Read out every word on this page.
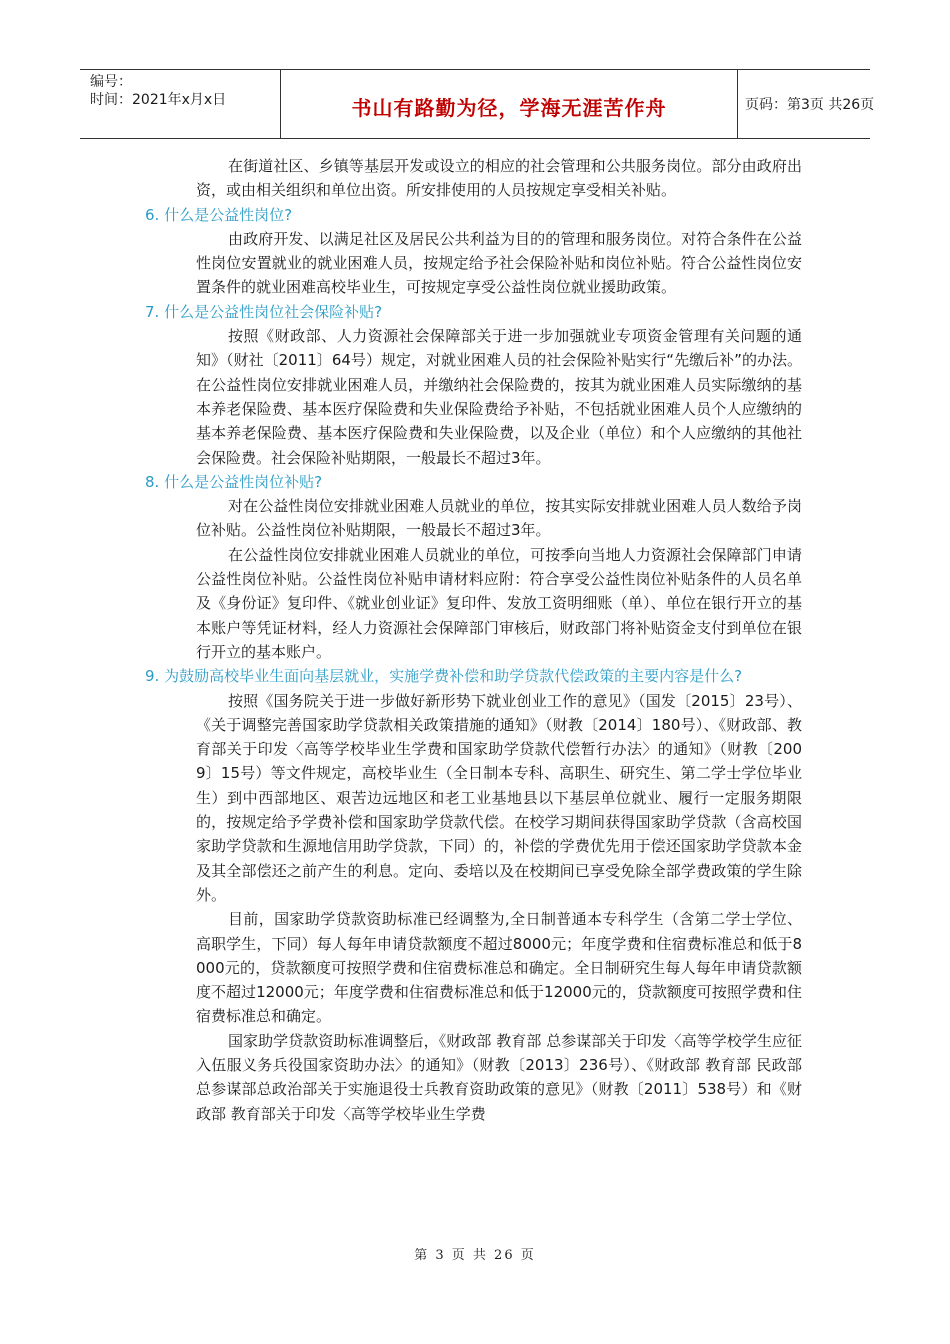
编号：
时间：2021年x月x日	书山有路勤为径，学海无涯苦作舟	页码：第3页 共26页

在街道社区、乡镇等基层开发或设立的相应的社会管理和公共服务岗位。部分由政府出资，或由相关组织和单位出资。所安排使用的人员按规定享受相关补贴。

6. 什么是公益性岗位?

由政府开发、以满足社区及居民公共利益为目的的管理和服务岗位。对符合条件在公益性岗位安置就业的就业困难人员，按规定给予社会保险补贴和岗位补贴。符合公益性岗位安置条件的就业困难高校毕业生，可按规定享受公益性岗位就业援助政策。

7. 什么是公益性岗位社会保险补贴?

按照《财政部、人力资源社会保障部关于进一步加强就业专项资金管理有关问题的通知》（财社〔2011〕64号）规定，对就业困难人员的社会保险补贴实行“先缴后补”的办法。在公益性岗位安排就业困难人员，并缴纳社会保险费的，按其为就业困难人员实际缴纳的基本养老保险费、基本医疗保险费和失业保险费给予补贴，不包括就业困难人员个人应缴纳的基本养老保险费、基本医疗保险费和失业保险费，以及企业（单位）和个人应缴纳的其他社会保险费。社会保险补贴期限，一般最长不超过3年。

8. 什么是公益性岗位补贴?

对在公益性岗位安排就业困难人员就业的单位，按其实际安排就业困难人员人数给予岗位补贴。公益性岗位补贴期限，一般最长不超过3年。

在公益性岗位安排就业困难人员就业的单位，可按季向当地人力资源社会保障部门申请公益性岗位补贴。公益性岗位补贴申请材料应附：符合享受公益性岗位补贴条件的人员名单及《身份证》复印件、《就业创业证》复印件、发放工资明细账（单）、单位在银行开立的基本账户等凭证材料，经人力资源社会保障部门审核后，财政部门将补贴资金支付到单位在银行开立的基本账户。

9. 为鼓励高校毕业生面向基层就业，实施学费补偿和助学贷款代偿政策的主要内容是什么?

按照《国务院关于进一步做好新形势下就业创业工作的意见》（国发〔2015〕23号）、《关于调整完善国家助学贷款相关政策措施的通知》（财教〔2014〕180号）、《财政部、教育部关于印发〈高等学校毕业生学费和国家助学贷款代偿暂行办法〉的通知》（财教〔2009〕15号）等文件规定，高校毕业生（全日制本专科、高职生、研究生、第二学士学位毕业生）到中西部地区、艰苦边远地区和老工业基地县以下基层单位就业、履行一定服务期限的，按规定给予学费补偿和国家助学贷款代偿。在校学习期间获得国家助学贷款（含高校国家助学贷款和生源地信用助学贷款，下同）的，补偿的学费优先用于偿还国家助学贷款本金及其全部偿还之前产生的利息。定向、委培以及在校期间已享受免除全部学费政策的学生除外。

目前，国家助学贷款资助标准已经调整为,全日制普通本专科学生（含第二学士学位、高职学生，下同）每人每年申请贷款额度不超过8000元；年度学费和住宿费标准总和低于8000元的，贷款额度可按照学费和住宿费标准总和确定。全日制研究生每人每年申请贷款额度不超过12000元；年度学费和住宿费标准总和低于12000元的，贷款额度可按照学费和住宿费标准总和确定。

国家助学贷款资助标准调整后，《财政部 教育部 总参谋部关于印发〈高等学校学生应征入伍服义务兵役国家资助办法〉的通知》（财教〔2013〕236号）、《财政部 教育部 民政部 总参谋部总政治部关于实施退役士兵教育资助政策的意见》（财教〔2011〕538号）和《财政部 教育部关于印发〈高等学校毕业生学费

第 3 页 共 26 页
